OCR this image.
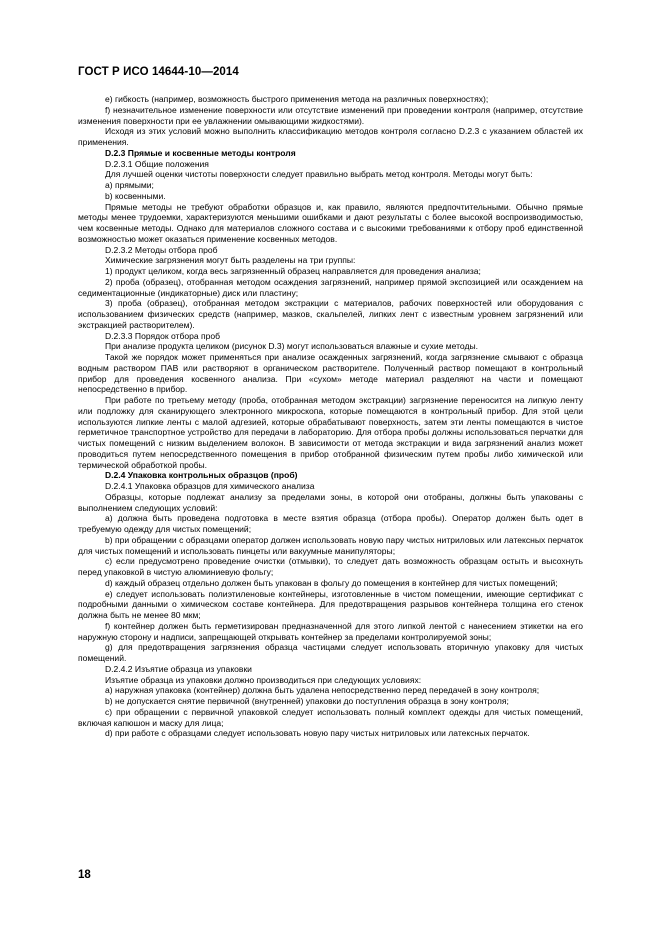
ГОСТ Р ИСО 14644-10—2014

e) гибкость (например, возможность быстрого применения метода на различных поверхностях);

f) незначительное изменение поверхности или отсутствие изменений при проведении контроля (например, отсутствие изменения поверхности при ее увлажнении омывающими жидкостями).

Исходя из этих условий можно выполнить классификацию методов контроля согласно D.2.3 с указанием областей их применения.

D.2.3 Прямые и косвенные методы контроля

D.2.3.1 Общие положения

Для лучшей оценки чистоты поверхности следует правильно выбрать метод контроля. Методы могут быть:

а) прямыми;

b) косвенными.

Прямые методы не требуют обработки образцов и, как правило, являются предпочтительными. Обычно прямые методы менее трудоемки, характеризуются меньшими ошибками и дают результаты с более высокой воспроизводимостью, чем косвенные методы. Однако для материалов сложного состава и с высокими требованиями к отбору проб единственной возможностью может оказаться применение косвенных методов.

D.2.3.2 Методы отбора проб

Химические загрязнения могут быть разделены на три группы:

1) продукт целиком, когда весь загрязненный образец направляется для проведения анализа;

2) проба (образец), отобранная методом осаждения загрязнений, например прямой экспозицией или осаждением на седиментационные (индикаторные) диск или пластину;

3) проба (образец), отобранная методом экстракции с материалов, рабочих поверхностей или оборудования с использованием физических средств (например, мазков, скальпелей, липких лент с известным уровнем загрязнений или экстракцией растворителем).

D.2.3.3 Порядок отбора проб

При анализе продукта целиком (рисунок D.3) могут использоваться влажные и сухие методы.

Такой же порядок может применяться при анализе осажденных загрязнений, когда загрязнение смывают с образца водным раствором ПАВ или растворяют в органическом растворителе. Полученный раствор помещают в контрольный прибор для проведения косвенного анализа. При «сухом» методе материал разделяют на части и помещают непосредственно в прибор.

При работе по третьему методу (проба, отобранная методом экстракции) загрязнение переносится на липкую ленту или подложку для сканирующего электронного микроскопа, которые помещаются в контрольный прибор. Для этой цели используются липкие ленты с малой адгезией, которые обрабатывают поверхность, затем эти ленты помещаются в чистое герметичное транспортное устройство для передачи в лабораторию. Для отбора пробы должны использоваться перчатки для чистых помещений с низким выделением волокон. В зависимости от метода экстракции и вида загрязнений анализ может проводиться путем непосредственного помещения в прибор отобранной физическим путем пробы либо химической или термической обработкой пробы.

D.2.4 Упаковка контрольных образцов (проб)

D.2.4.1 Упаковка образцов для химического анализа

Образцы, которые подлежат анализу за пределами зоны, в которой они отобраны, должны быть упакованы с выполнением следующих условий:

а) должна быть проведена подготовка в месте взятия образца (отбора пробы). Оператор должен быть одет в требуемую одежду для чистых помещений;

b) при обращении с образцами оператор должен использовать новую пару чистых нитриловых или латексных перчаток для чистых помещений и использовать пинцеты или вакуумные манипуляторы;

c) если предусмотрено проведение очистки (отмывки), то следует дать возможность образцам остыть и высохнуть перед упаковкой в чистую алюминиевую фольгу;

d) каждый образец отдельно должен быть упакован в фольгу до помещения в контейнер для чистых помещений;

e) следует использовать полиэтиленовые контейнеры, изготовленные в чистом помещении, имеющие сертификат с подробными данными о химическом составе контейнера. Для предотвращения разрывов контейнера толщина его стенок должна быть не менее 80 мкм;

f) контейнер должен быть герметизирован предназначенной для этого липкой лентой с нанесением этикетки на его наружную сторону и надписи, запрещающей открывать контейнер за пределами контролируемой зоны;

g) для предотвращения загрязнения образца частицами следует использовать вторичную упаковку для чистых помещений.

D.2.4.2 Изъятие образца из упаковки

Изъятие образца из упаковки должно производиться при следующих условиях:

а) наружная упаковка (контейнер) должна быть удалена непосредственно перед передачей в зону контроля;

b) не допускается снятие первичной (внутренней) упаковки до поступления образца в зону контроля;

c) при обращении с первичной упаковкой следует использовать полный комплект одежды для чистых помещений, включая капюшон и маску для лица;

d) при работе с образцами следует использовать новую пару чистых нитриловых или латексных перчаток.

18
